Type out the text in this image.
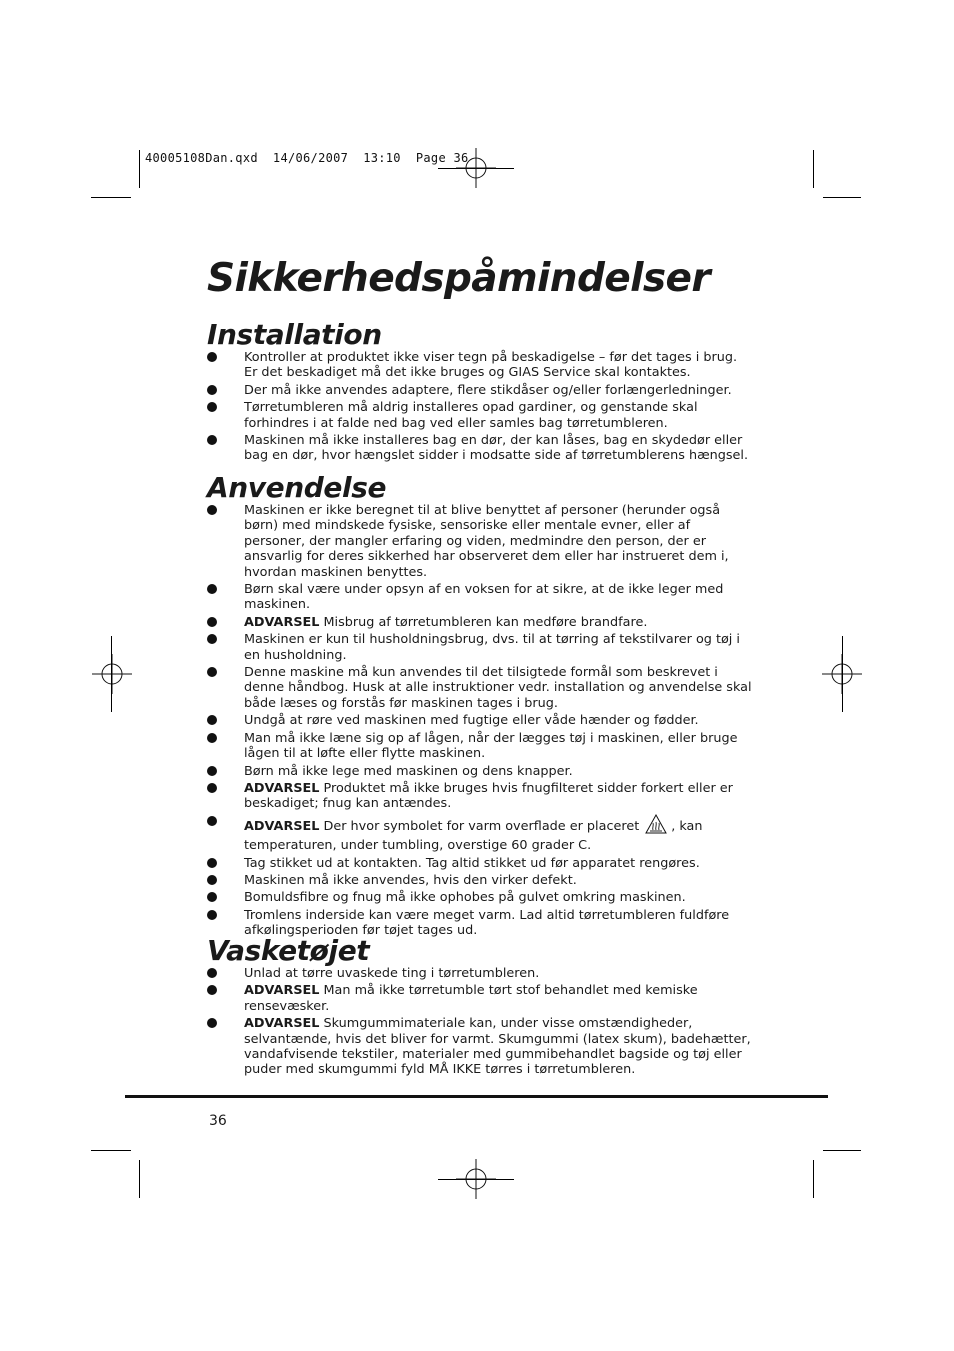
40005108Dan.qxd  14/06/2007  13:10  Page 36
Sikkerhedspåmindelser
Installation
Kontroller at produktet ikke viser tegn på beskadigelse – før det tages i brug. Er det beskadiget må det ikke bruges og GIAS Service skal kontaktes.
Der må ikke anvendes adaptere, flere stikdåser og/eller forlængerledninger.
Tørretumbleren må aldrig installeres opad gardiner, og genstande skal forhindres i at falde ned bag ved eller samles bag tørretumbleren.
Maskinen må ikke installeres bag en dør, der kan låses, bag en skydedør eller bag en dør, hvor hængslet sidder i modsatte side af tørretumblerens hængsel.
Anvendelse
Maskinen er ikke beregnet til at blive benyttet af personer (herunder også børn) med mindskede fysiske, sensoriske eller mentale evner, eller af personer, der mangler erfaring og viden, medmindre den person, der er ansvarlig for deres sikkerhed har observeret dem eller har instrueret dem i, hvordan maskinen benyttes.
Børn skal være under opsyn af en voksen for at sikre, at de ikke leger med maskinen.
ADVARSEL Misbrug af tørretumbleren kan medføre brandfare.
Maskinen er kun til husholdningsbrug, dvs. til at tørring af tekstilvarer og tøj i en husholdning.
Denne maskine må kun anvendes til det tilsigtede formål som beskrevet i denne håndbog. Husk at alle instruktioner vedr. installation og anvendelse skal både læses og forstås før maskinen tages i brug.
Undgå at røre ved maskinen med fugtige eller våde hænder og fødder.
Man må ikke læne sig op af lågen, når der lægges tøj i maskinen, eller bruge lågen til at løfte eller flytte maskinen.
Børn må ikke lege med maskinen og dens knapper.
ADVARSEL Produktet må ikke bruges hvis fnugfilteret sidder forkert eller er beskadiget; fnug kan antændes.
ADVARSEL Der hvor symbolet for varm overflade er placeret	, kan temperaturen, under tumbling, overstige 60 grader C.
Tag stikket ud at kontakten. Tag altid stikket ud før apparatet rengøres.
Maskinen må ikke anvendes, hvis den virker defekt.
Bomuldsfibre og fnug må ikke ophobes på gulvet omkring maskinen.
Tromlens inderside kan være meget varm. Lad altid tørretumbleren fuldføre afkølingsperioden før tøjet tages ud.
Vasketøjet
Unlad at tørre uvaskede ting i tørretumbleren.
ADVARSEL Man må ikke tørretumble tørt stof behandlet med kemiske rensevæsker.
ADVARSEL Skumgummimateriale kan, under visse omstændigheder, selvantænde, hvis det bliver for varmt. Skumgummi (latex skum), badehætter, vandafvisende tekstiler, materialer med gummibehandlet bagside og tøj eller puder med skumgummi fyld MÅ IKKE tørres i tørretumbleren.
36
